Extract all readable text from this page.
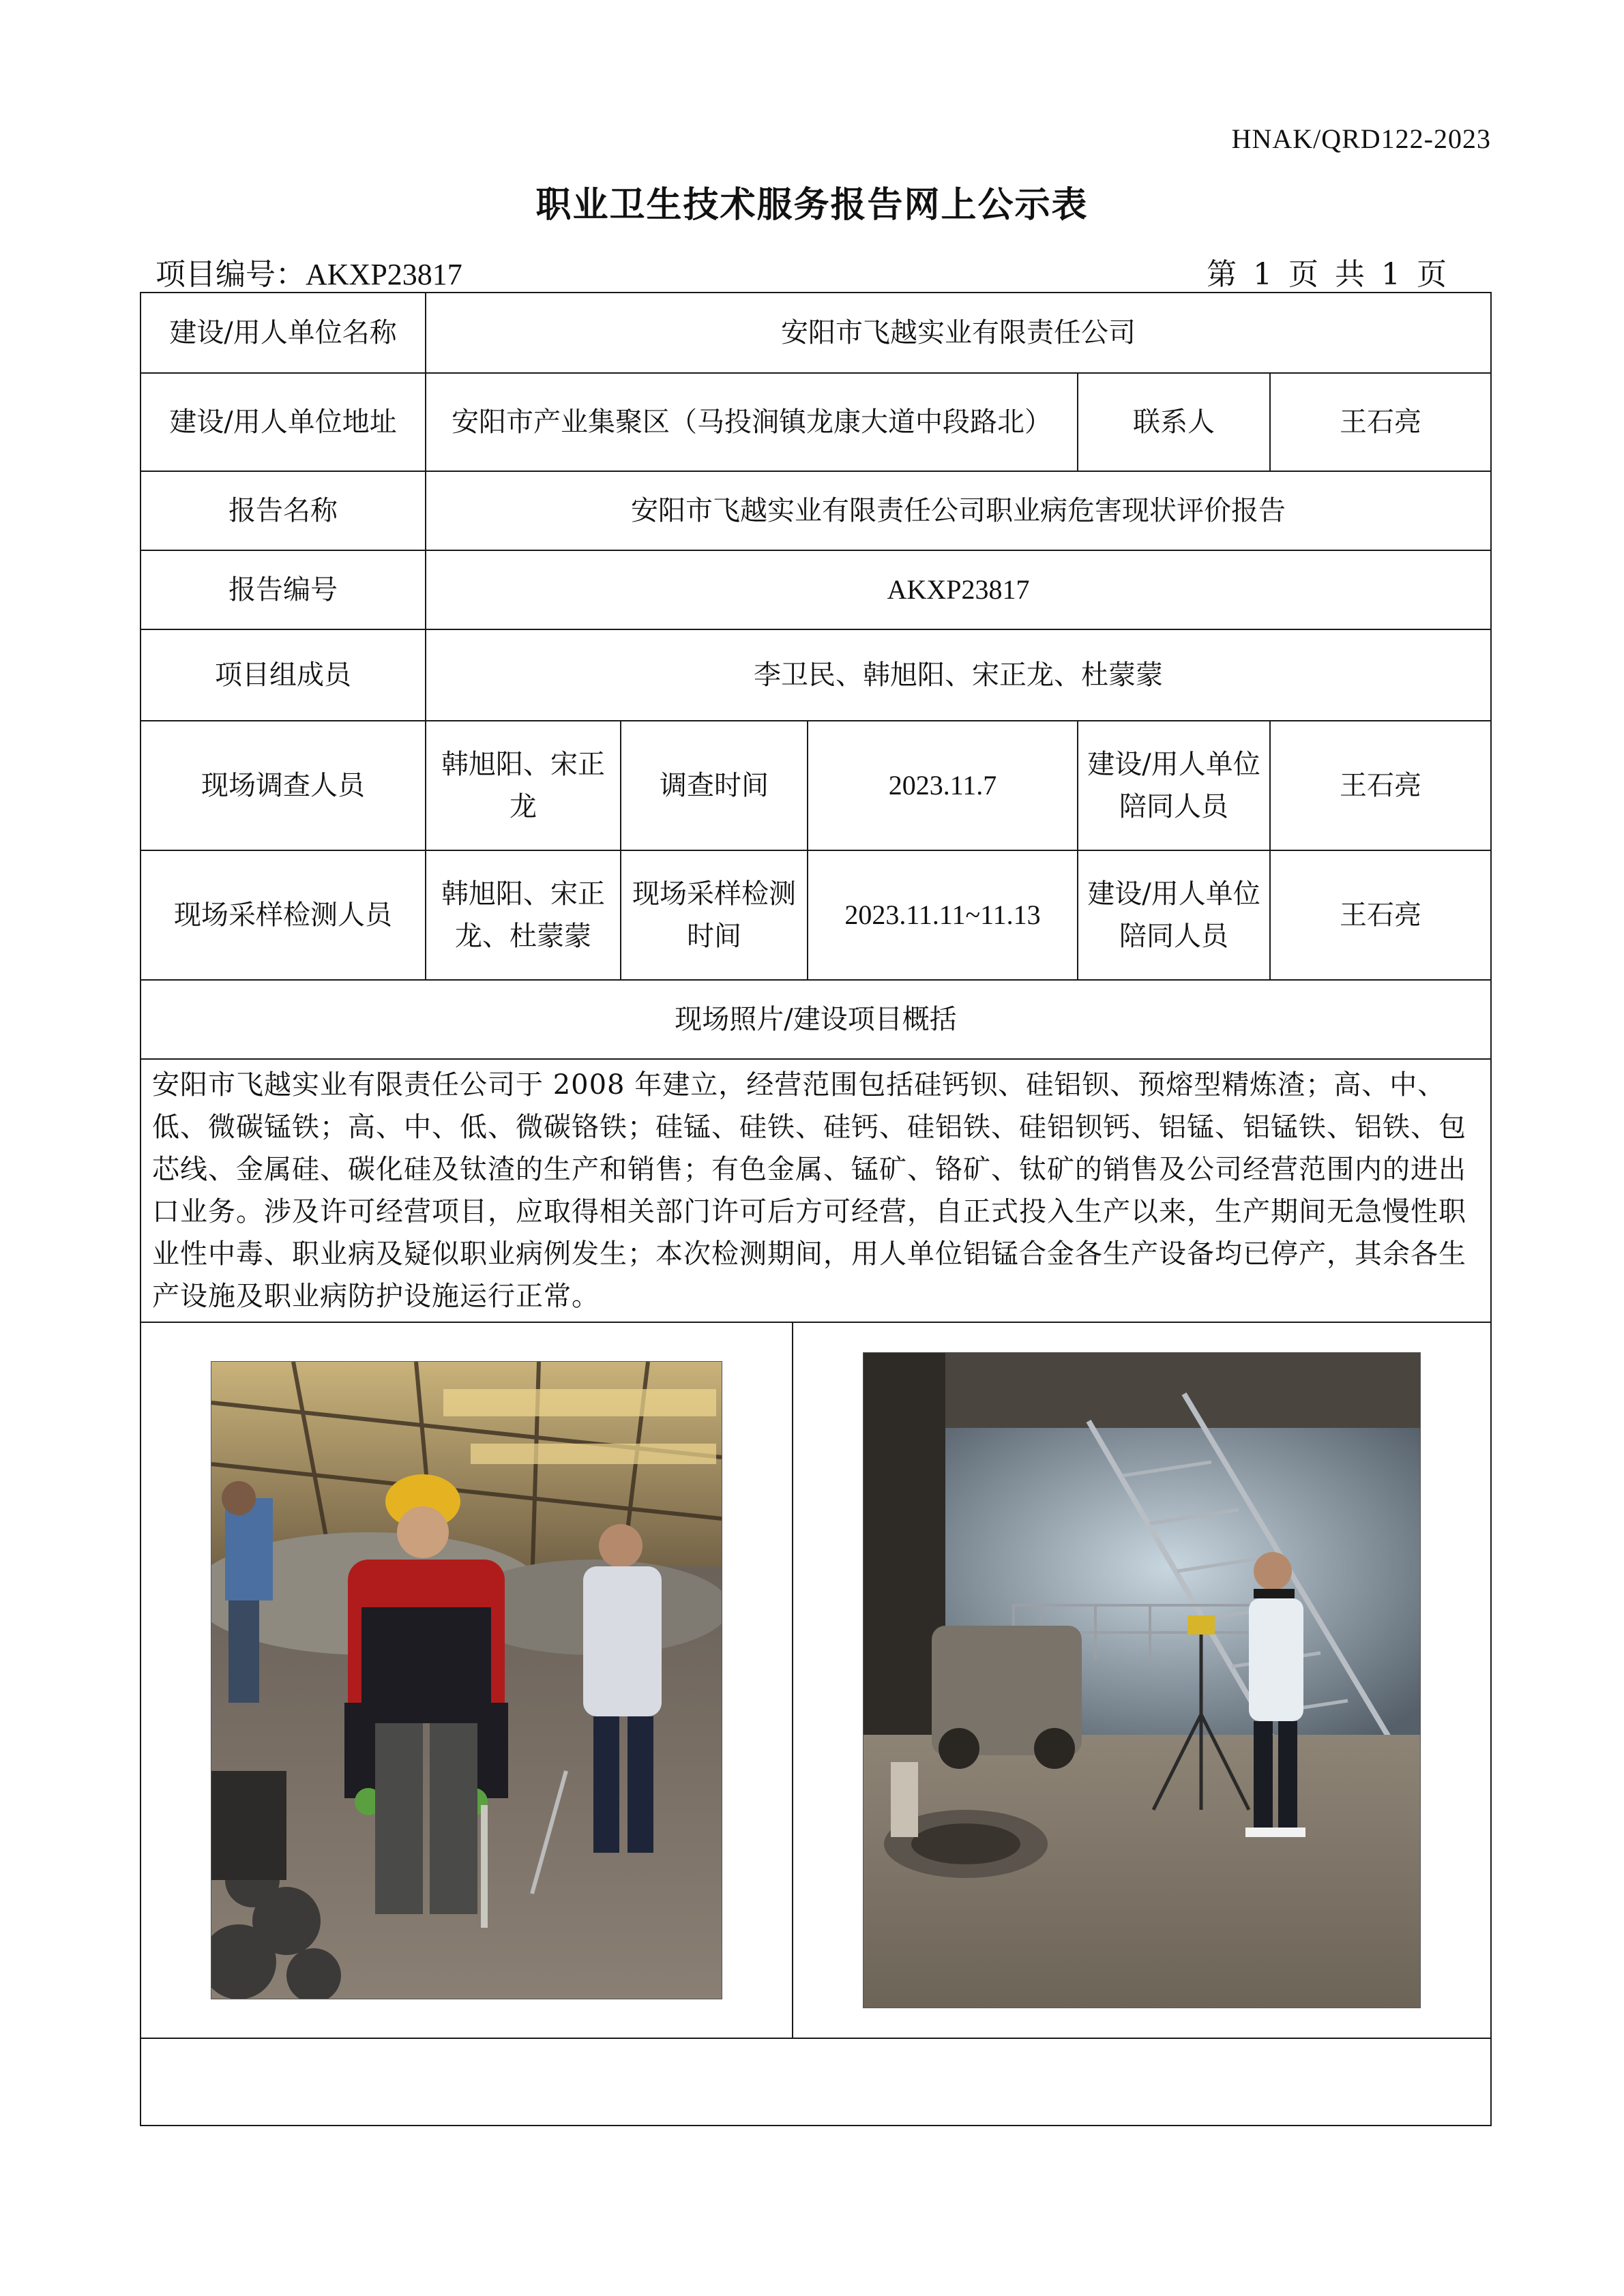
HNAK/QRD122-2023
职业卫生技术服务报告网上公示表
项目编号：AKXP23817	第 1 页 共 1 页
建设/用人单位名称	安阳市飞越实业有限责任公司
建设/用人单位地址	安阳市产业集聚区（马投涧镇龙康大道中段路北）	联系人	王石亮
报告名称	安阳市飞越实业有限责任公司职业病危害现状评价报告
报告编号	AKXP23817
项目组成员	李卫民、韩旭阳、宋正龙、杜蒙蒙
现场调查人员	韩旭阳、宋正龙	调查时间	2023.11.7	建设/用人单位陪同人员	王石亮
现场采样检测人员	韩旭阳、宋正龙、杜蒙蒙	现场采样检测时间	2023.11.11~11.13	建设/用人单位陪同人员	王石亮
现场照片/建设项目概括
安阳市飞越实业有限责任公司于 2008 年建立，经营范围包括硅钙钡、硅铝钡、预熔型精炼渣；高、中、低、微碳锰铁；高、中、低、微碳铬铁；硅锰、硅铁、硅钙、硅铝铁、硅铝钡钙、铝锰、铝锰铁、铝铁、包芯线、金属硅、碳化硅及钛渣的生产和销售；有色金属、锰矿、铬矿、钛矿的销售及公司经营范围内的进出口业务。涉及许可经营项目，应取得相关部门许可后方可经营，自正式投入生产以来，生产期间无急慢性职业性中毒、职业病及疑似职业病例发生；本次检测期间，用人单位铝锰合金各生产设备均已停产，其余各生产设施及职业病防护设施运行正常。
